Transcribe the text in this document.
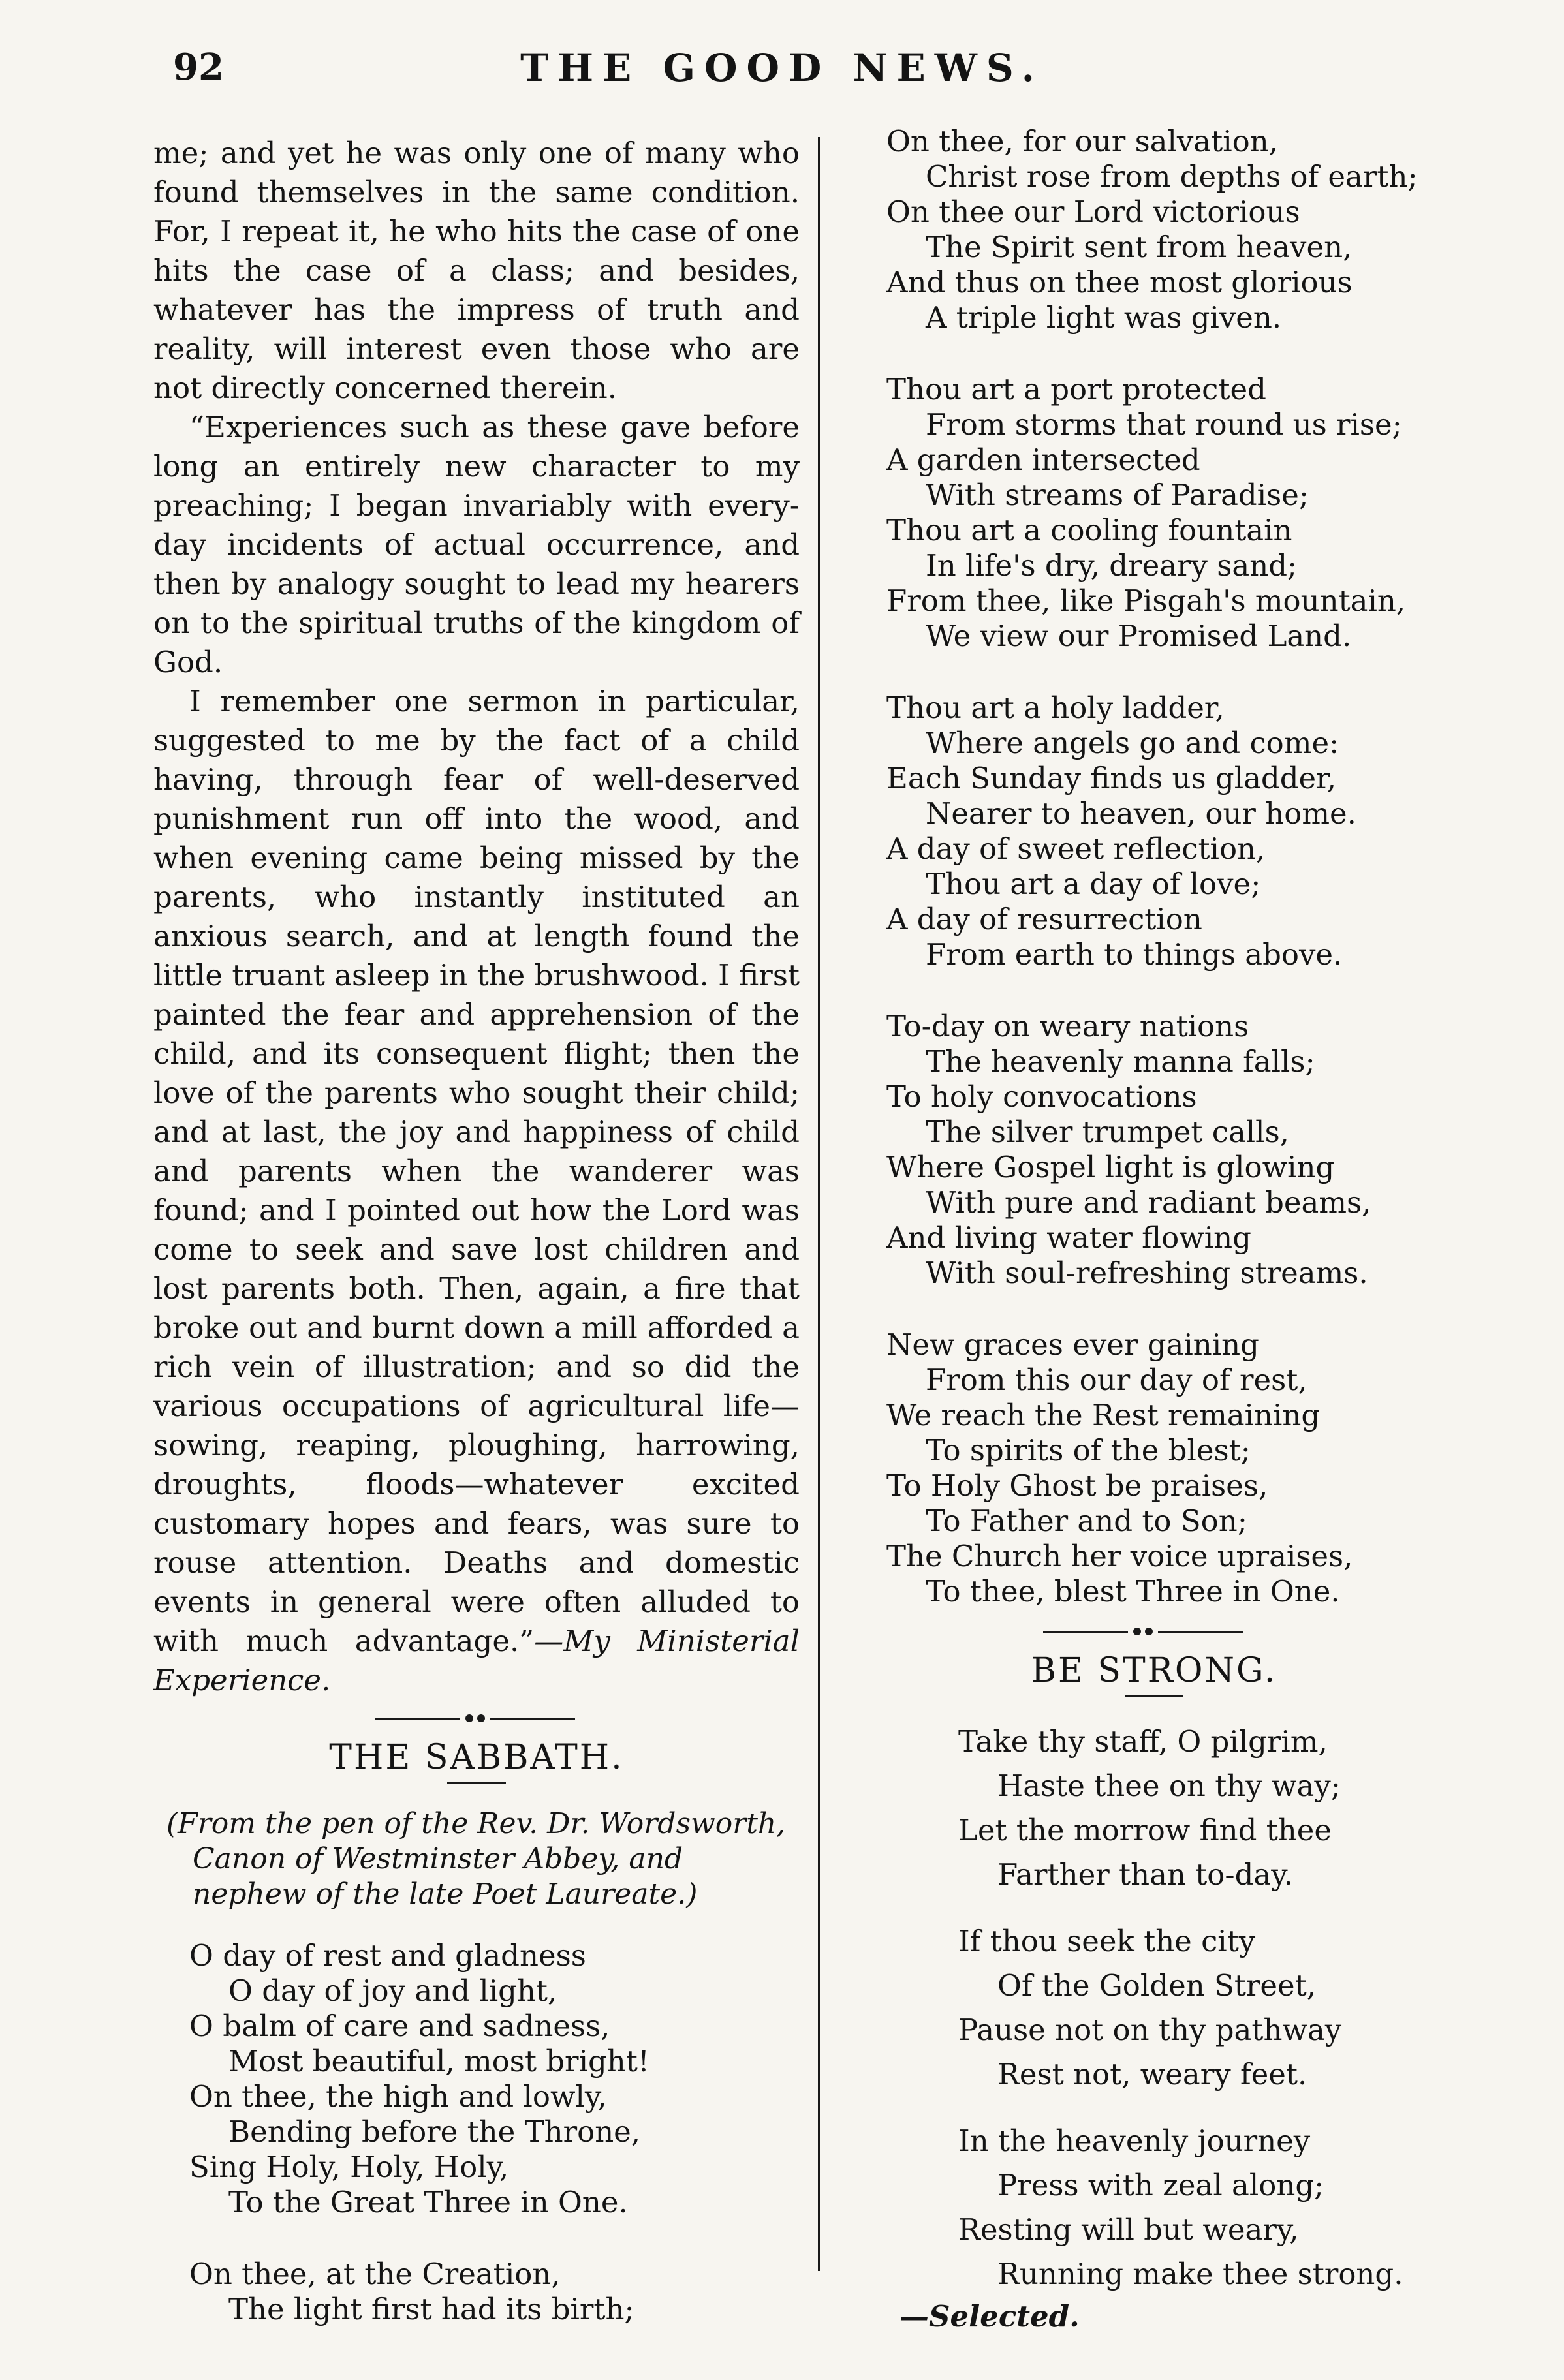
92	THE GOOD NEWS.

me; and yet he was only one of many who found themselves in the same condition. For, I repeat it, he who hits the case of one hits the case of a class; and besides, whatever has the impress of truth and reality, will interest even those who are not directly concerned therein.

“Experiences such as these gave before long an entirely new character to my preaching; I began invariably with every-day incidents of actual occurrence, and then by analogy sought to lead my hearers on to the spiritual truths of the kingdom of God.

I remember one sermon in particular, suggested to me by the fact of a child having, through fear of well-deserved punishment run off into the wood, and when evening came being missed by the parents, who instantly instituted an anxious search, and at length found the little truant asleep in the brushwood. I first painted the fear and apprehension of the child, and its consequent flight; then the love of the parents who sought their child; and at last, the joy and happiness of child and parents when the wanderer was found; and I pointed out how the Lord was come to seek and save lost children and lost parents both. Then, again, a fire that broke out and burnt down a mill afforded a rich vein of illustration; and so did the various occupations of agricultural life—sowing, reaping, ploughing, harrowing, droughts, floods—whatever excited customary hopes and fears, was sure to rouse attention. Deaths and domestic events in general were often alluded to with much advantage.”—My Ministerial Experience.

THE SABBATH.
(From the pen of the Rev. Dr. Wordsworth, Canon of Westminster Abbey, and nephew of the late Poet Laureate.)
O day of rest and gladness
O day of joy and light,
O balm of care and sadness,
Most beautiful, most bright!
On thee, the high and lowly,
Bending before the Throne,
Sing Holy, Holy, Holy,
To the Great Three in One.
On thee, at the Creation,
The light first had its birth;
On thee, for our salvation,
Christ rose from depths of earth;
On thee our Lord victorious
The Spirit sent from heaven,
And thus on thee most glorious
A triple light was given.
Thou art a port protected
From storms that round us rise;
A garden intersected
With streams of Paradise;
Thou art a cooling fountain
In life's dry, dreary sand;
From thee, like Pisgah's mountain,
We view our Promised Land.
Thou art a holy ladder,
Where angels go and come:
Each Sunday finds us gladder,
Nearer to heaven, our home.
A day of sweet reflection,
Thou art a day of love;
A day of resurrection
From earth to things above.
To-day on weary nations
The heavenly manna falls;
To holy convocations
The silver trumpet calls,
Where Gospel light is glowing
With pure and radiant beams,
And living water flowing
With soul-refreshing streams.
New graces ever gaining
From this our day of rest,
We reach the Rest remaining
To spirits of the blest;
To Holy Ghost be praises,
To Father and to Son;
The Church her voice upraises,
To thee, blest Three in One.
BE STRONG.
Take thy staff, O pilgrim,
Haste thee on thy way;
Let the morrow find thee
Farther than to-day.
If thou seek the city
Of the Golden Street,
Pause not on thy pathway
Rest not, weary feet.
In the heavenly journey
Press with zeal along;
Resting will but weary,
Running make thee strong.
—Selected.
